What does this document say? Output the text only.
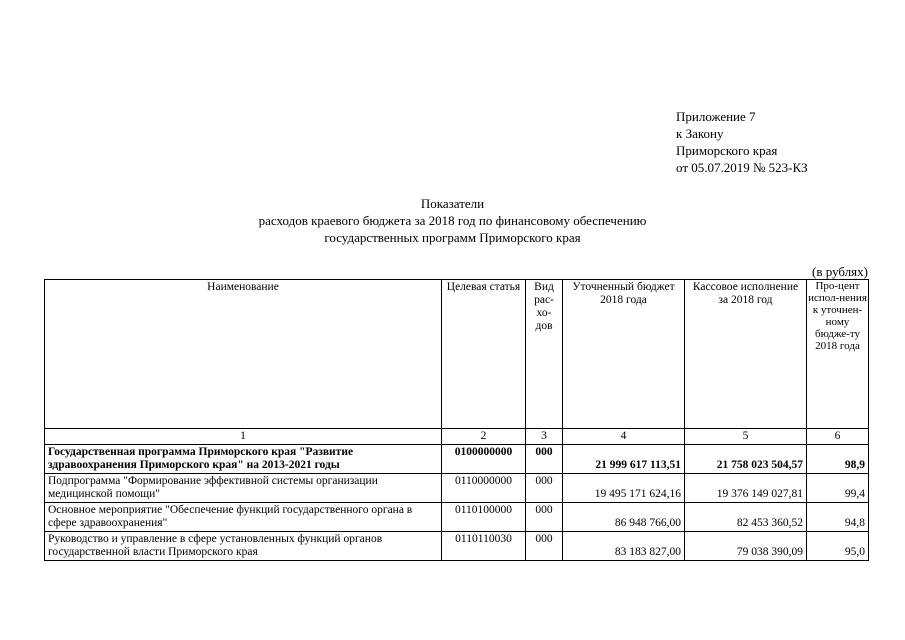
Приложение 7
к Закону
Приморского края
от 05.07.2019 № 523-КЗ
Показатели
расходов краевого бюджета за 2018 год по финансовому обеспечению
государственных программ Приморского края
(в рублях)
Наименование	Целевая статья	Вид рас-хо-дов	Уточненный бюджет 2018 года	Кассовое исполнение за 2018 год	Про-цент испол-нения к уточнен-ному бюдже-ту 2018 года
1	2	3	4	5	6
Государственная программа Приморского края "Развитие здравоохранения Приморского края" на 2013-2021 годы	0100000000	000	21 999 617 113,51	21 758 023 504,57	98,9
Подпрограмма "Формирование эффективной системы организации медицинской помощи"	0110000000	000	19 495 171 624,16	19 376 149 027,81	99,4
Основное мероприятие "Обеспечение функций государственного органа в сфере здравоохранения"	0110100000	000	86 948 766,00	82 453 360,52	94,8
Руководство и управление в сфере установленных функций органов государственной власти Приморского края	0110110030	000	83 183 827,00	79 038 390,09	95,0
